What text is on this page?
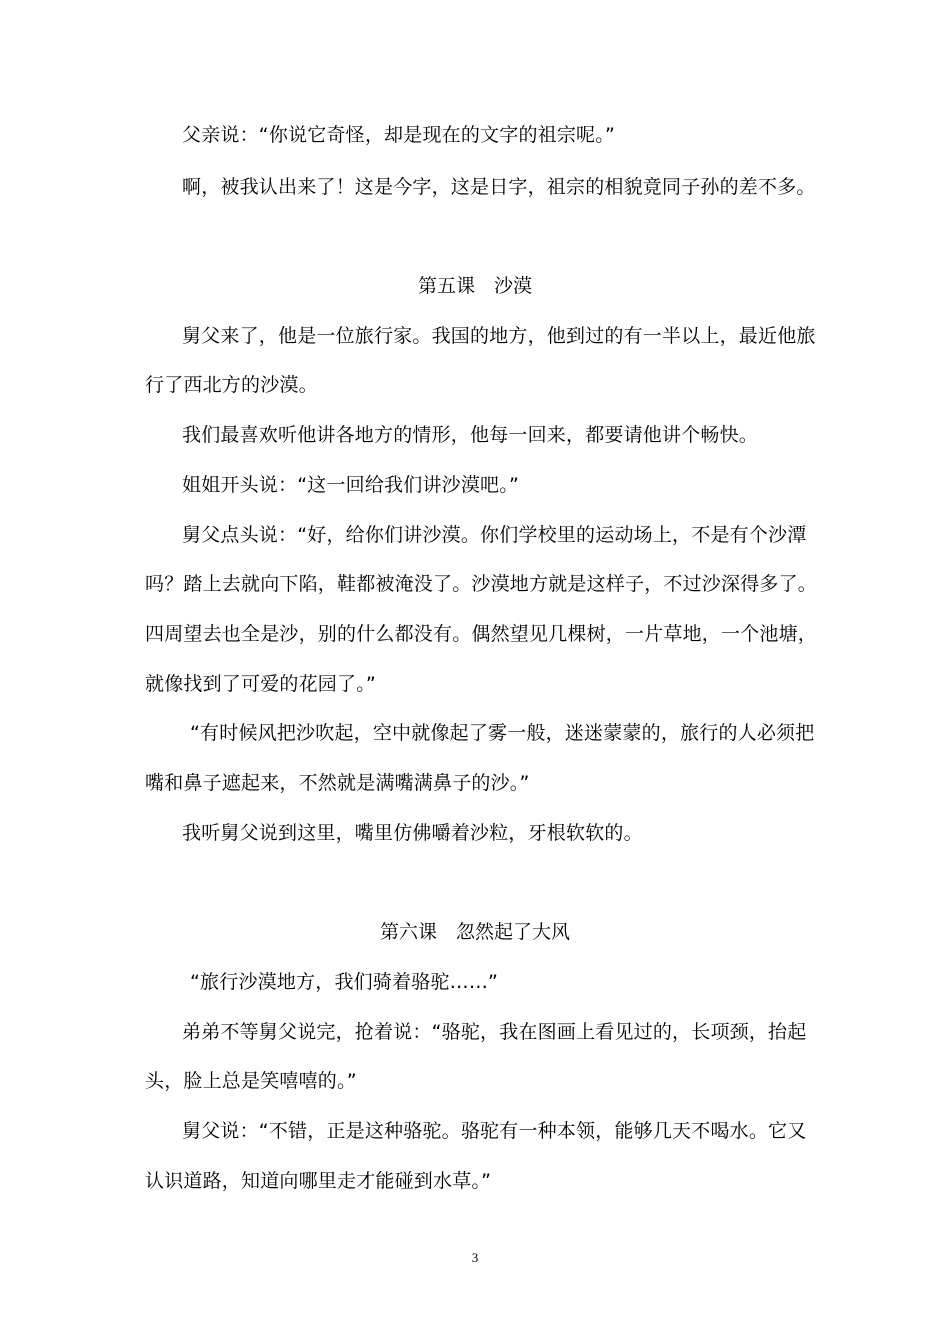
父亲说：“你说它奇怪，却是现在的文字的祖宗呢。”
啊，被我认出来了！这是今字，这是日字，祖宗的相貌竟同子孙的差不多。
第五课　沙漠
舅父来了，他是一位旅行家。我国的地方，他到过的有一半以上，最近他旅
行了西北方的沙漠。
我们最喜欢听他讲各地方的情形，他每一回来，都要请他讲个畅快。
姐姐开头说：“这一回给我们讲沙漠吧。”
舅父点头说：“好，给你们讲沙漠。你们学校里的运动场上，不是有个沙潭
吗？踏上去就向下陷，鞋都被淹没了。沙漠地方就是这样子，不过沙深得多了。
四周望去也全是沙，别的什么都没有。偶然望见几棵树，一片草地，一个池塘，
就像找到了可爱的花园了。”
“有时候风把沙吹起，空中就像起了雾一般，迷迷蒙蒙的，旅行的人必须把
嘴和鼻子遮起来，不然就是满嘴满鼻子的沙。”
我听舅父说到这里，嘴里仿佛嚼着沙粒，牙根软软的。
第六课　忽然起了大风
“旅行沙漠地方，我们骑着骆驼……”
弟弟不等舅父说完，抢着说：“骆驼，我在图画上看见过的，长项颈，抬起
头，脸上总是笑嘻嘻的。”
舅父说：“不错，正是这种骆驼。骆驼有一种本领，能够几天不喝水。它又
认识道路，知道向哪里走才能碰到水草。”
3
